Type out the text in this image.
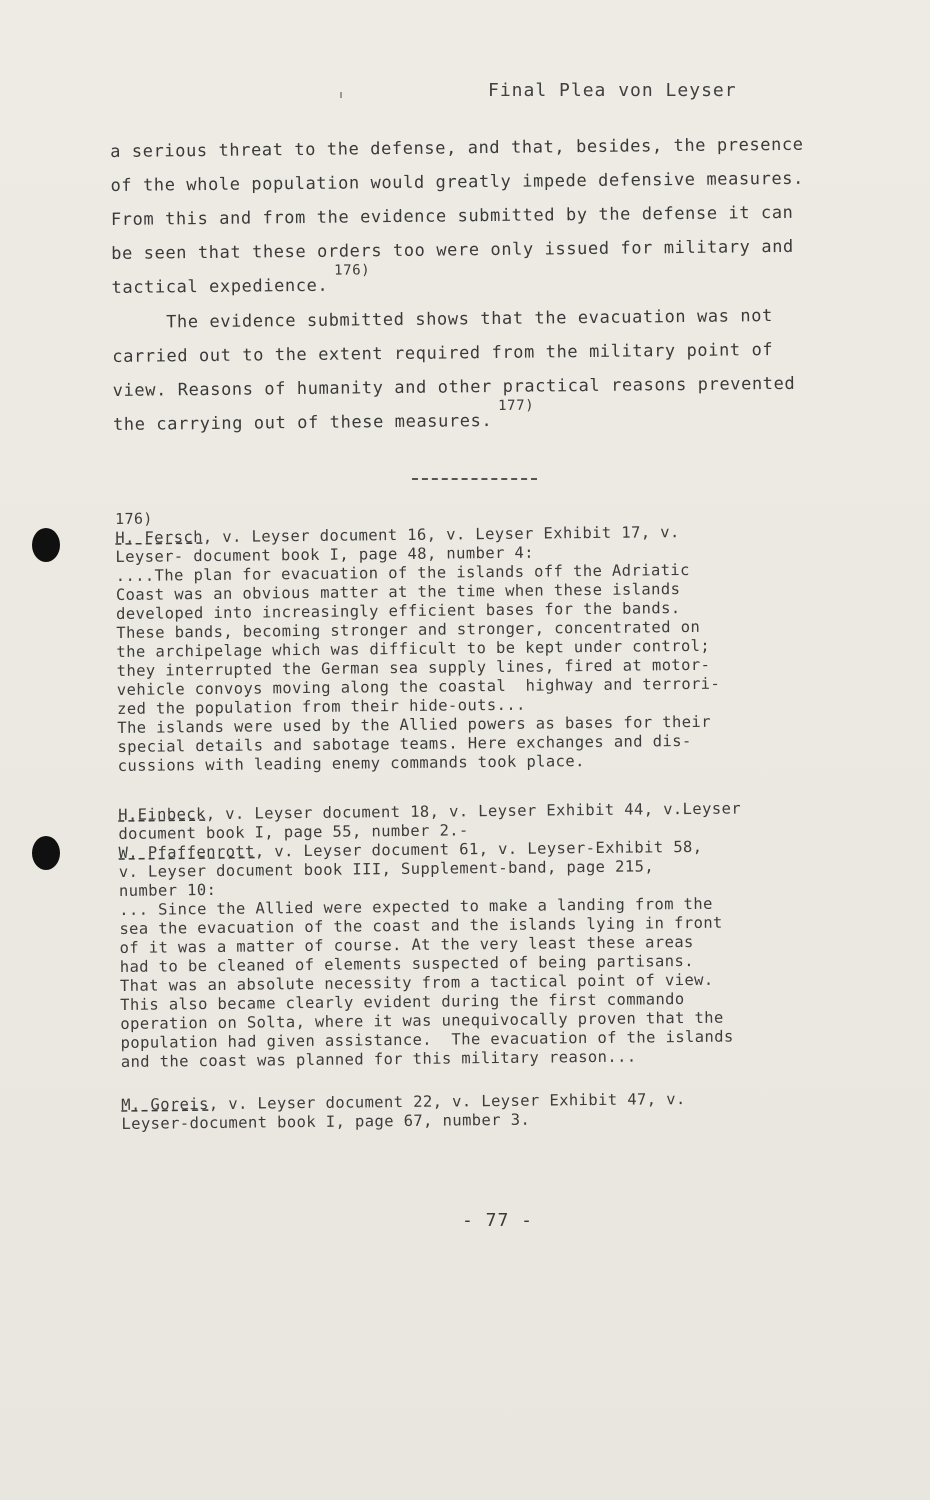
Final Plea von Leyser
a serious threat to the defense, and that, besides, the presence
of the whole population would greatly impede defensive measures.
From this and from the evidence submitted by the defense it can
be seen that these orders too were only issued for military and
tactical expedience.$^{176)}$
The evidence submitted shows that the evacuation was not
carried out to the extent required from the military point of
view. Reasons of humanity and other practical reasons prevented
the carrying out of these measures.$^{177)}$
176)
H. Fersch, v. Leyser document 16, v. Leyser Exhibit 17, v.
Leyser- document book I, page 48, number 4:
....The plan for evacuation of the islands off the Adriatic
Coast was an obvious matter at the time when these islands
developed into increasingly efficient bases for the bands.
These bands, becoming stronger and stronger, concentrated on
the archipelage which was difficult to be kept under control;
they interrupted the German sea supply lines, fired at motor-
vehicle convoys moving along the coastal  highway and terrori-
zed the population from their hide-outs...
The islands were used by the Allied powers as bases for their
special details and sabotage teams. Here exchanges and dis-
cussions with leading enemy commands took place.
H.Einbeck, v. Leyser document 18, v. Leyser Exhibit 44, v.Leyser
document book I, page 55, number 2.-
W. Pfaffenrott, v. Leyser document 61, v. Leyser-Exhibit 58,
v. Leyser document book III, Supplement-band, page 215,
number 10:
... Since the Allied were expected to make a landing from the
sea the evacuation of the coast and the islands lying in front
of it was a matter of course. At the very least these areas
had to be cleaned of elements suspected of being partisans.
That was an absolute necessity from a tactical point of view.
This also became clearly evident during the first commando
operation on Solta, where it was unequivocally proven that the
population had given assistance.  The evacuation of the islands
and the coast was planned for this military reason...
M. Goreis, v. Leyser document 22, v. Leyser Exhibit 47, v.
Leyser-document book I, page 67, number 3.
- 77 -
